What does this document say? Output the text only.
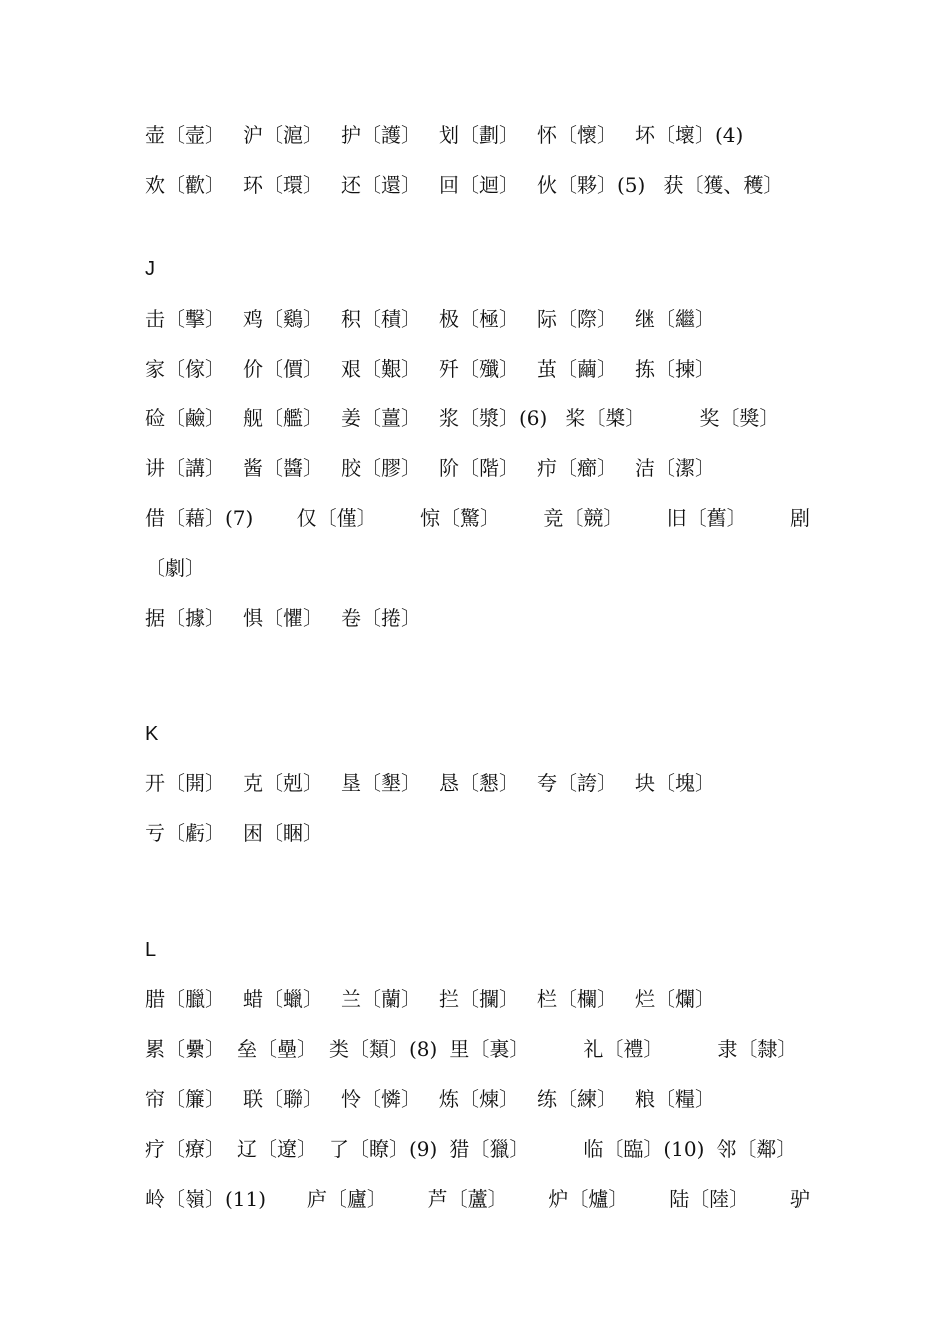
壶〔壸〕 沪〔滬〕 护〔護〕 划〔劃〕 怀〔懷〕 坏〔壞〕(4)
欢〔歡〕 环〔環〕 还〔還〕 回〔迴〕 伙〔夥〕(5) 获〔獲、穫〕
J
击〔擊〕 鸡〔鷄〕 积〔積〕 极〔極〕 际〔際〕 继〔繼〕
家〔傢〕 价〔價〕 艰〔艱〕 歼〔殲〕 茧〔繭〕 拣〔揀〕
硷〔鹼〕 舰〔艦〕 姜〔薑〕 浆〔漿〕(6) 桨〔槳〕	奖〔獎〕
讲〔講〕 酱〔醬〕 胶〔膠〕 阶〔階〕 疖〔癤〕 洁〔潔〕
借〔藉〕(7) 仅〔僅〕 惊〔驚〕 竞〔競〕 旧〔舊〕 剧
〔劇〕
据〔據〕 惧〔懼〕 卷〔捲〕
K
开〔開〕 克〔剋〕 垦〔墾〕 恳〔懇〕 夸〔誇〕 块〔塊〕
亏〔虧〕 困〔睏〕
L
腊〔臘〕 蜡〔蠟〕 兰〔蘭〕 拦〔攔〕 栏〔欄〕 烂〔爛〕
累〔纍〕 垒〔壘〕 类〔類〕(8) 里〔裏〕	礼〔禮〕	隶〔隸〕
帘〔簾〕 联〔聯〕 怜〔憐〕 炼〔煉〕 练〔練〕 粮〔糧〕
疗〔療〕 辽〔遼〕 了〔瞭〕(9) 猎〔獵〕	临〔臨〕(10) 邻〔鄰〕
岭〔嶺〕(11) 庐〔廬〕 芦〔蘆〕 炉〔爐〕 陆〔陸〕 驴
